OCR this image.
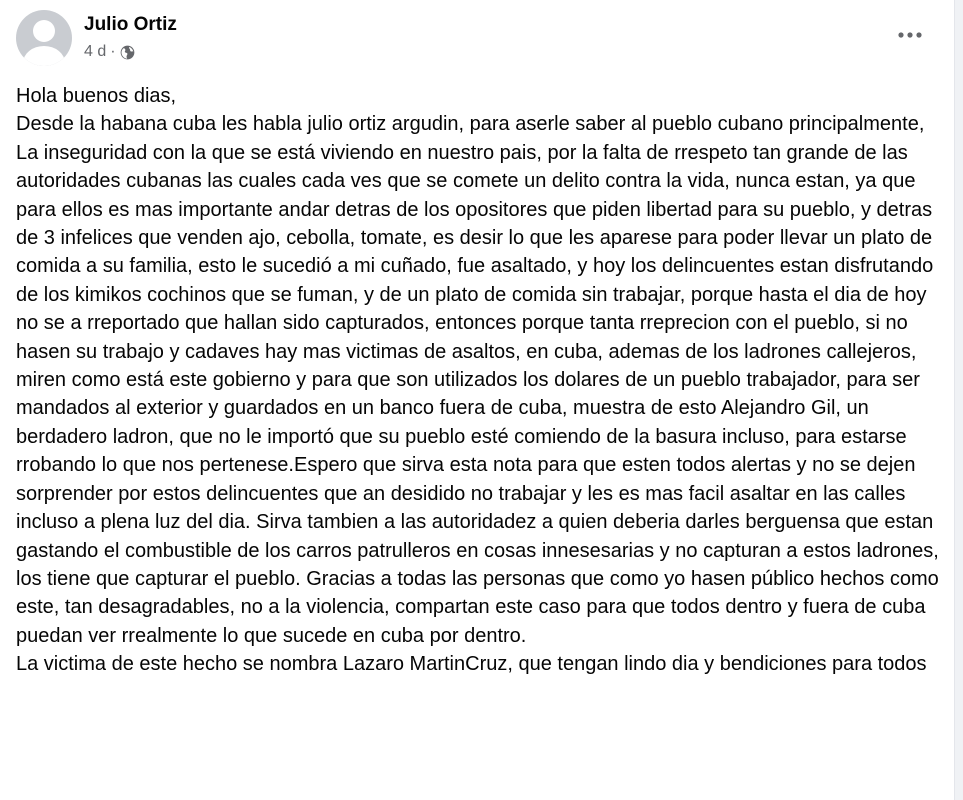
Julio Ortiz
4 d ·
Hola buenos dias,
Desde la habana cuba les habla julio ortiz argudin, para aserle saber al pueblo cubano principalmente,
La inseguridad con la que se está viviendo en nuestro pais, por la falta de rrespeto tan grande de las autoridades cubanas las cuales cada ves que se comete un delito contra la vida, nunca estan, ya que para ellos es mas importante andar detras de los opositores que piden libertad para su pueblo, y detras de 3 infelices que venden ajo, cebolla, tomate, es desir lo que les aparese para poder llevar un plato de comida a su familia, esto le sucedió a mi cuñado, fue asaltado, y hoy los delincuentes estan disfrutando de los kimikos cochinos que se fuman, y de un plato de comida sin trabajar, porque hasta el dia de hoy no se a rreportado que hallan sido capturados, entonces porque tanta rreprecion con el pueblo, si no hasen su trabajo y cadaves hay mas victimas de asaltos, en cuba, ademas de los ladrones callejeros, miren como está este gobierno y para que son utilizados los dolares de un pueblo trabajador, para ser mandados al exterior y guardados en un banco fuera de cuba, muestra de esto Alejandro Gil, un berdadero ladron, que no le importó que su pueblo esté comiendo de la basura incluso, para estarse rrobando lo que nos pertenese.Espero que sirva esta nota para que esten todos alertas y no se dejen sorprender por estos delincuentes que an desidido no trabajar y les es mas facil asaltar en las calles incluso a plena luz del dia. Sirva tambien a las autoridadez a quien deberia darles berguensa que estan gastando el combustible de los carros patrulleros en cosas innesesarias y no capturan a estos ladrones, los tiene que capturar el pueblo. Gracias a todas las personas que como yo hasen público hechos como este, tan desagradables, no a la violencia, compartan este caso para que todos dentro y fuera de cuba puedan ver rrealmente lo que sucede en cuba por dentro.
La victima de este hecho se nombra Lazaro MartinCruz, que tengan lindo dia y bendiciones para todos
